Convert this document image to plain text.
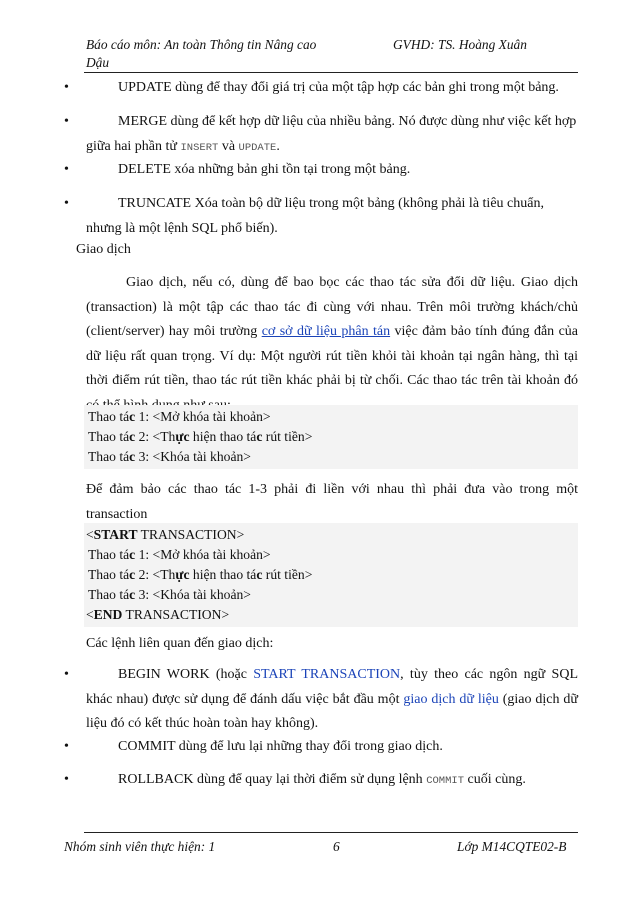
Báo cáo môn: An toàn Thông tin Nâng cao	GVHD: TS. Hoàng Xuân
Dậu
•	UPDATE dùng để thay đổi giá trị của một tập hợp các bản ghi trong một bảng.
•	MERGE dùng để kết hợp dữ liệu của nhiều bảng. Nó được dùng như việc kết hợp
giữa hai phần tử INSERT và UPDATE.
•	DELETE xóa những bản ghi tồn tại trong một bảng.
•	TRUNCATE Xóa toàn bộ dữ liệu trong một bảng (không phải là tiêu chuẩn,
nhưng là một lệnh SQL phổ biến).
Giao dịch
Giao dịch, nếu có, dùng để bao bọc các thao tác sửa đổi dữ liệu. Giao dịch (transaction) là một tập các thao tác đi cùng với nhau. Trên môi trường khách/chủ (client/server) hay môi trường cơ sở dữ liệu phân tán việc đảm bảo tính đúng đắn của dữ liệu rất quan trọng. Ví dụ: Một người rút tiền khỏi tài khoản tại ngân hàng, thì tại thời điểm rút tiền, thao tác rút tiền khác phải bị từ chối. Các thao tác trên tài khoản đó
Thao tác 1: <Mở khóa tài khoản>
Thao tác 2: <Thực hiện thao tác rút tiền>
Thao tác 3: <Khóa tài khoản>
Để đảm bảo các thao tác 1-3 phải đi liền với nhau thì phải đưa vào trong một transaction
<START TRANSACTION>
Thao tác 1: <Mở khóa tài khoản>
Thao tác 2: <Thực hiện thao tác rút tiền>
Thao tác 3: <Khóa tài khoản>
<END TRANSACTION>
Các lệnh liên quan đến giao dịch:
•	BEGIN WORK (hoặc START TRANSACTION, tùy theo các ngôn ngữ SQL khác nhau) được sử dụng để đánh dấu việc bắt đầu một giao dịch dữ liệu (giao dịch dữ liệu đó có kết thúc hoàn toàn hay không).
•	COMMIT dùng để lưu lại những thay đổi trong giao dịch.
•	ROLLBACK dùng để quay lại thời điểm sử dụng lệnh COMMIT cuối cùng.
Nhóm sinh viên thực hiện: 1	6	Lớp M14CQTE02-B
